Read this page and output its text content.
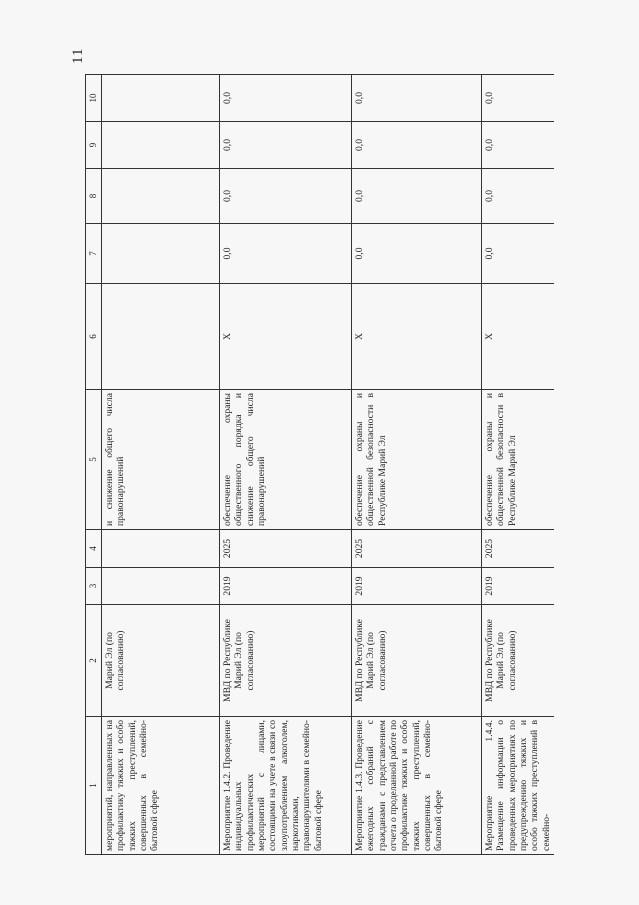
11
1	2	3	4	5	6	7	8	9	10
мероприятий, направленных на профилактику тяжких и особо тяжких преступлений, совершенных в семейно-бытовой сфере	Марий Эл (по согласованию)			и снижение общего числа правонарушений					
Мероприятие 1.4.2. Проведение индивидуальных профилактических мероприятий с лицами, состоящими на учете в связи со злоупотреблением алкоголем, наркотиками, правонарушителями в семейно-бытовой сфере	МВД по Республике Марий Эл (по согласованию)	2019	2025	обеспечение охраны общественного порядка и снижение общего числа правонарушений	X	0,0	0,0	0,0	0,0
Мероприятие 1.4.3. Проведение ежегодных собраний с гражданами с представлением отчета о проделанной работе по профилактике тяжких и особо тяжких преступлений, совершенных в семейно-бытовой сфере	МВД по Республике Марий Эл (по согласованию)	2019	2025	обеспечение охраны и общественной безопасности в Республике Марий Эл	X	0,0	0,0	0,0	0,0
Мероприятие 1.4.4. Размещение информации о проведенных мероприятиях по предупреждению тяжких и особо тяжких преступлений в семейно-	МВД по Республике Марий Эл (по согласованию)	2019	2025	обеспечение охраны и общественной безопасности в Республике Марий Эл	X	0,0	0,0	0,0	0,0
